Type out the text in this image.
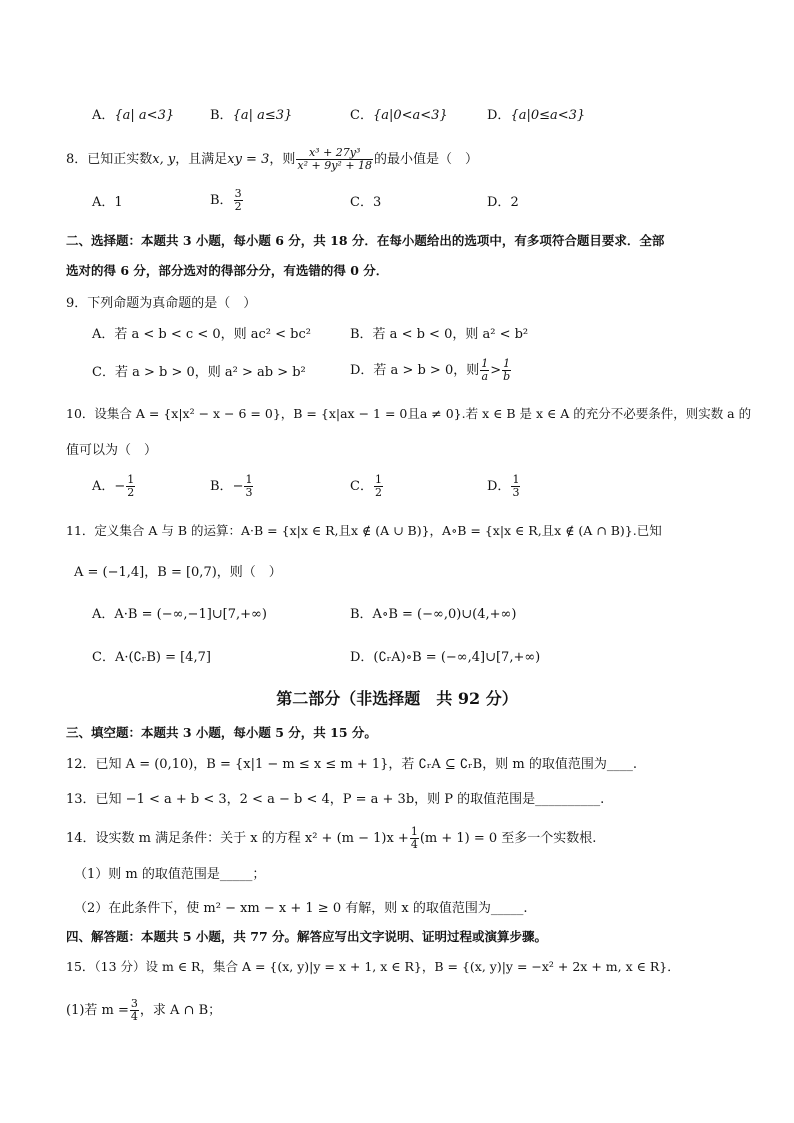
A．{a| a<3}	B．{a| a≤3}	C．{a|0<a<3}	D．{a|0≤a<3}
8．已知正实数x, y，且满足xy = 3，则 $\frac{\text{x³ + 27y³}}{\text{x² + 9y² + 18}}$ 的最小值是（　）
A．1	B． $\frac{3}{2}$	C．3	D．2
二、选择题：本题共 3 小题，每小题 6 分，共 18 分．在每小题给出的选项中，有多项符合题目要求．全部
选对的得 6 分，部分选对的得部分分，有选错的得 0 分．
9．下列命题为真命题的是（　）
A．若 a < b < c < 0，则 ac² < bc²	B．若 a < b < 0，则 a² < b²
C．若 a > b > 0，则 a² > ab > b²	D．若 a > b > 0，则 $\frac{1}{a} > \frac{1}{b}$
10．设集合 A = {x|x² − x − 6 = 0}，B = {x|ax − 1 = 0且a ≠ 0}.若 x ∈ B 是 x ∈ A 的充分不必要条件，则实数 a 的
值可以为（　）
A．− $\frac{1}{2}$	B．− $\frac{1}{3}$	C． $\frac{1}{2}$	D． $\frac{1}{3}$
11．定义集合 A 与 B 的运算：A·B = {x|x ∈ R,且x ∉ (A ∪ B)}，A∘B = {x|x ∈ R,且x ∉ (A ∩ B)}.已知
A = (−1,4]，B = [0,7)，则（　）
A．A·B = (−∞,−1]∪[7,+∞)	B．A∘B = (−∞,0)∪(4,+∞)
C．A·(∁ᵣB) = [4,7]	D．(∁ᵣA)∘B = (−∞,4]∪[7,+∞)
第二部分（非选择题　共 92 分）
三、填空题：本题共 3 小题，每小题 5 分，共 15 分。
12．已知 A = (0,10)，B = {x|1 − m ≤ x ≤ m + 1}，若 ∁ᵣA ⊆ ∁ᵣB，则 m 的取值范围为____.
13．已知 −1 < a + b < 3，2 < a − b < 4，P = a + 3b，则 P 的取值范围是__________.
14．设实数 m 满足条件：关于 x 的方程 $x^2 + (m - 1)x + \frac{1}{4} (m + 1) = 0$ 至多一个实数根.
（1）则 m 的取值范围是_____；
（2）在此条件下，使 m² − xm − x + 1 ≥ 0 有解，则 x 的取值范围为_____.
四、解答题：本题共 5 小题，共 77 分。解答应写出文字说明、证明过程或演算步骤。
15．（13 分）设 m ∈ R，集合 A = {(x, y)|y = x + 1, x ∈ R}，B = {(x, y)|y = −x² + 2x + m, x ∈ R}．
(1)若 $m = \frac{3}{4}$ ，求 A ∩ B；
